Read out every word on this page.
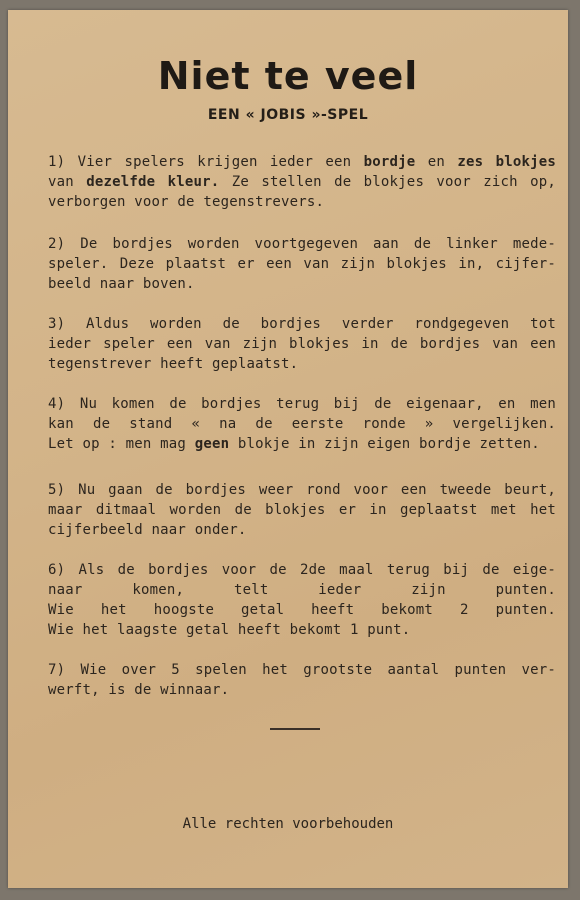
Niet te veel
EEN « JOBIS »-SPEL
1) Vier spelers krijgen ieder een bordje en zes blokjes
van dezelfde kleur. Ze stellen de blokjes voor zich op,
verborgen voor de tegenstrevers.
2) De bordjes worden voortgegeven aan de linker mede-
speler. Deze plaatst er een van zijn blokjes in, cijfer-
beeld naar boven.
3) Aldus worden de bordjes verder rondgegeven tot
ieder speler een van zijn blokjes in de bordjes van een
tegenstrever heeft geplaatst.
4) Nu komen de bordjes terug bij de eigenaar, en men
kan de stand « na de eerste ronde » vergelijken.
Let op : men mag geen blokje in zijn eigen bordje zetten.
5) Nu gaan de bordjes weer rond voor een tweede beurt,
maar ditmaal worden de blokjes er in geplaatst met het
cijferbeeld naar onder.
6) Als de bordjes voor de 2de maal terug bij de eige-
naar komen, telt ieder zijn punten.
Wie het hoogste getal heeft bekomt 2 punten.
Wie het laagste getal heeft bekomt 1 punt.
7) Wie over 5 spelen het grootste aantal punten ver-
werft, is de winnaar.
Alle rechten voorbehouden
